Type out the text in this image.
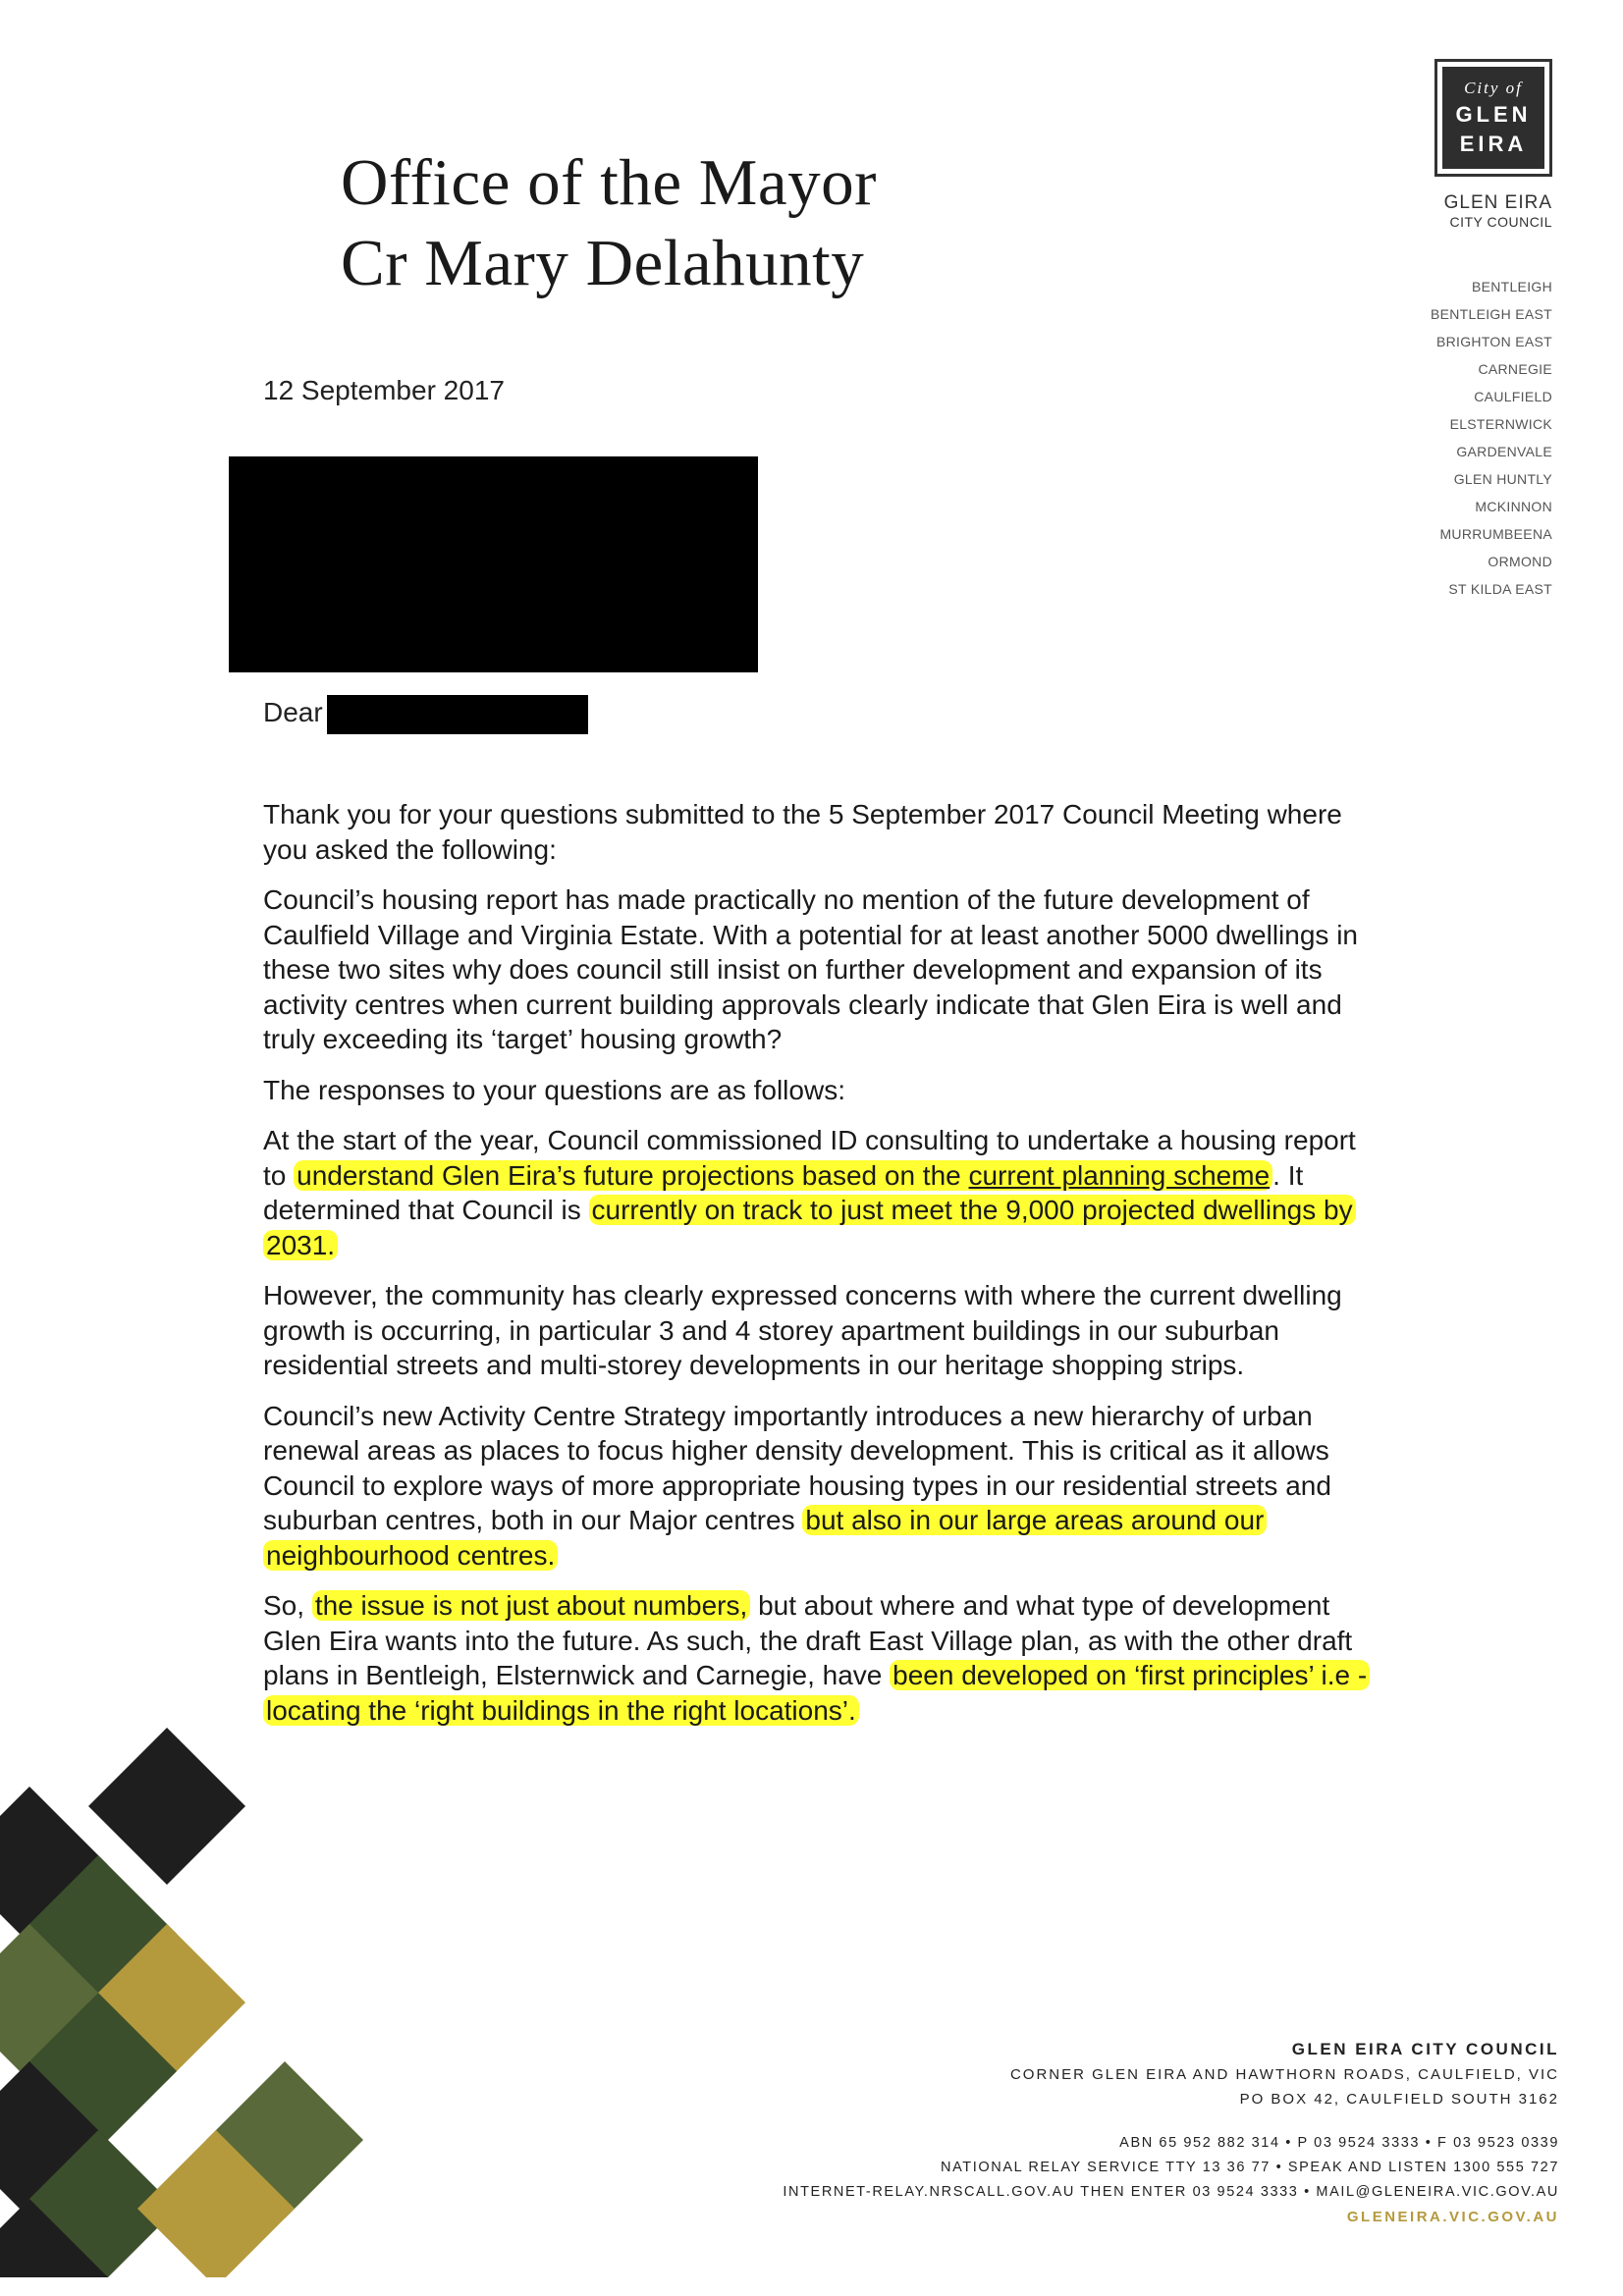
Office of the Mayor
Cr Mary Delahunty
City of
GLEN
EIRA
GLEN EIRA
CITY COUNCIL
BENTLEIGH
BENTLEIGH EAST
BRIGHTON EAST
CARNEGIE
CAULFIELD
ELSTERNWICK
GARDENVALE
GLEN HUNTLY
MCKINNON
MURRUMBEENA
ORMOND
ST KILDA EAST
12 September 2017
Dear

Thank you for your questions submitted to the 5 September 2017 Council Meeting where you asked the following:

Council’s housing report has made practically no mention of the future development of Caulfield Village and Virginia Estate. With a potential for at least another 5000 dwellings in these two sites why does council still insist on further development and expansion of its activity centres when current building approvals clearly indicate that Glen Eira is well and truly exceeding its ‘target’ housing growth?

The responses to your questions are as follows:

At the start of the year, Council commissioned ID consulting to undertake a housing report to understand Glen Eira’s future projections based on the current planning scheme . It determined that Council is currently on track to just meet the 9,000 projected dwellings by 2031.

However, the community has clearly expressed concerns with where the current dwelling growth is occurring, in particular 3 and 4 storey apartment buildings in our suburban residential streets and multi-storey developments in our heritage shopping strips.

Council’s new Activity Centre Strategy importantly introduces a new hierarchy of urban renewal areas as places to focus higher density development. This is critical as it allows Council to explore ways of more appropriate housing types in our residential streets and suburban centres, both in our Major centres but also in our large areas around our neighbourhood centres.

So, the issue is not just about numbers, but about where and what type of development Glen Eira wants into the future. As such, the draft East Village plan, as with the other draft plans in Bentleigh, Elsternwick and Carnegie, have been developed on ‘first principles’ i.e - locating the ‘right buildings in the right locations’.

GLEN EIRA CITY COUNCIL
CORNER GLEN EIRA AND HAWTHORN ROADS, CAULFIELD, VIC
PO BOX 42, CAULFIELD SOUTH 3162
ABN 65 952 882 314 • P 03 9524 3333 • F 03 9523 0339
NATIONAL RELAY SERVICE TTY 13 36 77 • SPEAK AND LISTEN 1300 555 727
INTERNET-RELAY.NRSCALL.GOV.AU THEN ENTER 03 9524 3333 • MAIL@GLENEIRA.VIC.GOV.AU
GLENEIRA.VIC.GOV.AU
